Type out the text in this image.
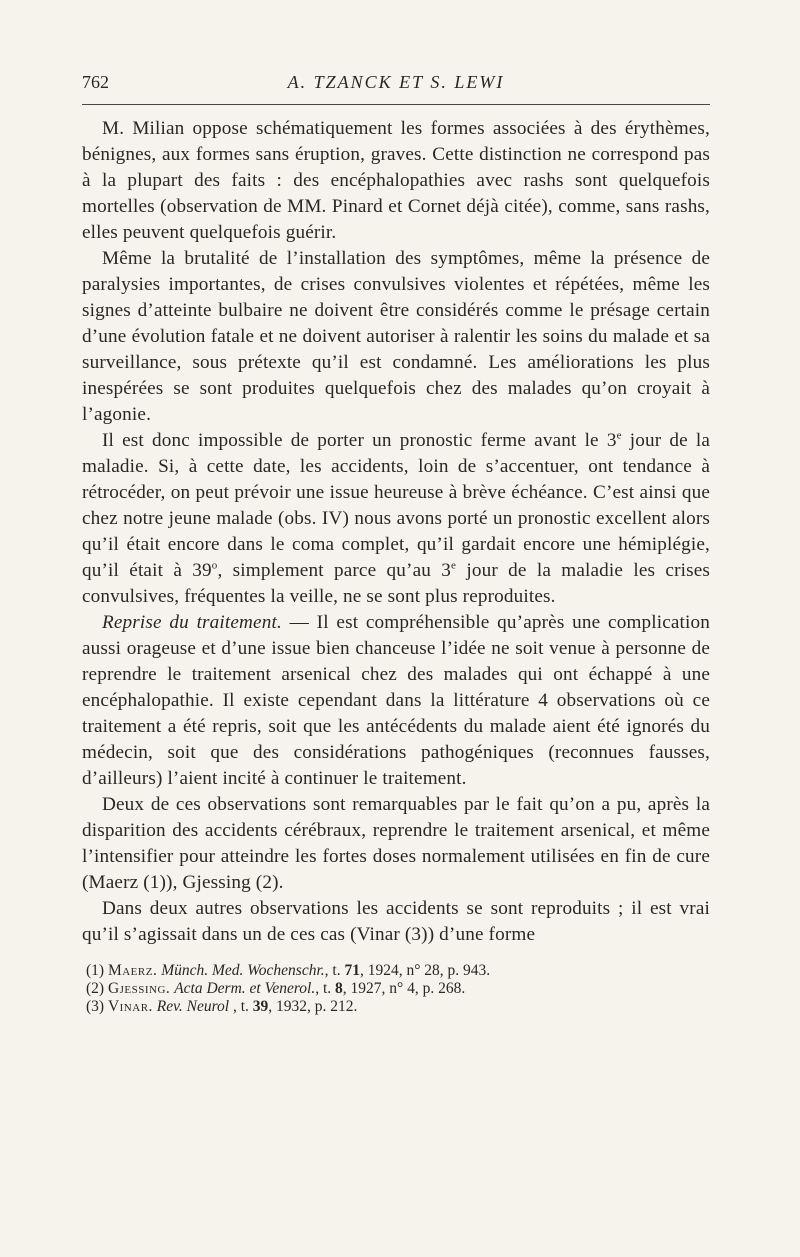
762	A. TZANCK ET S. LEWI

M. Milian oppose schématiquement les formes associées à des érythèmes, bénignes, aux formes sans éruption, graves. Cette distinction ne correspond pas à la plupart des faits : des encéphalopathies avec rashs sont quelquefois mortelles (observation de MM. Pinard et Cornet déjà citée), comme, sans rashs, elles peuvent quelquefois guérir.

Même la brutalité de l’installation des symptômes, même la présence de paralysies importantes, de crises convulsives violentes et répétées, même les signes d’atteinte bulbaire ne doivent être considérés comme le présage certain d’une évolution fatale et ne doivent autoriser à ralentir les soins du malade et sa surveillance, sous prétexte qu’il est condamné. Les améliorations les plus inespérées se sont produites quelquefois chez des malades qu’on croyait à l’agonie.

Il est donc impossible de porter un pronostic ferme avant le 3e jour de la maladie. Si, à cette date, les accidents, loin de s’accentuer, ont tendance à rétrocéder, on peut prévoir une issue heureuse à brève échéance. C’est ainsi que chez notre jeune malade (obs. IV) nous avons porté un pronostic excellent alors qu’il était encore dans le coma complet, qu’il gardait encore une hémiplégie, qu’il était à 39$^o$, simplement parce qu’au 3e jour de la maladie les crises convulsives, fréquentes la veille, ne se sont plus reproduites.

Reprise du traitement. — Il est compréhensible qu’après une complication aussi orageuse et d’une issue bien chanceuse l’idée ne soit venue à personne de reprendre le traitement arsenical chez des malades qui ont échappé à une encéphalopathie. Il existe cependant dans la littérature 4 observations où ce traitement a été repris, soit que les antécédents du malade aient été ignorés du médecin, soit que des considérations pathogéniques (reconnues fausses, d’ailleurs) l’aient incité à continuer le traitement.

Deux de ces observations sont remarquables par le fait qu’on a pu, après la disparition des accidents cérébraux, reprendre le traitement arsenical, et même l’intensifier pour atteindre les fortes doses normalement utilisées en fin de cure (Maerz (1)), Gjessing (2).

Dans deux autres observations les accidents se sont reproduits ; il est vrai qu’il s’agissait dans un de ces cas (Vinar (3)) d’une forme

(1) Maerz. Münch. Med. Wochenschr., t. 71, 1924, n° 28, p. 943.

(2) Gjessing. Acta Derm. et Venerol., t. 8, 1927, n° 4, p. 268.

(3) Vinar. Rev. Neurol , t. 39, 1932, p. 212.
